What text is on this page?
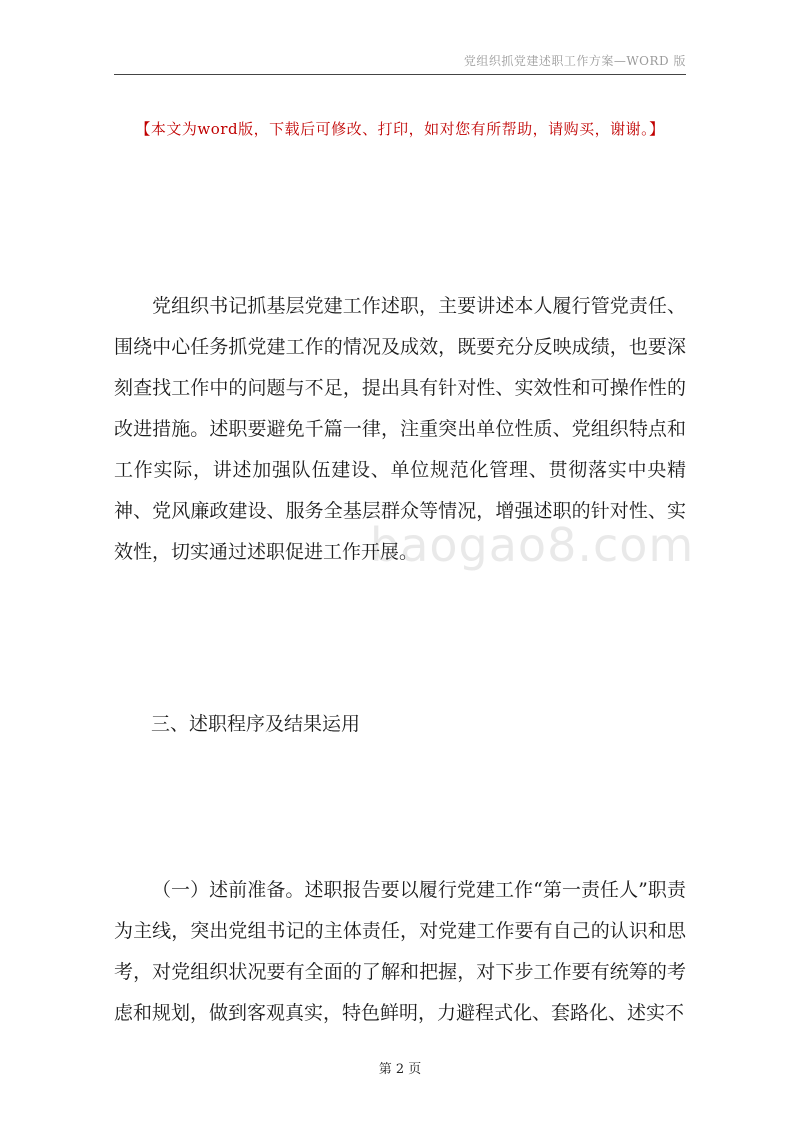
党组织抓党建述职工作方案—WORD 版
【本文为word版，下载后可修改、打印，如对您有所帮助，请购买，谢谢。】
党组织书记抓基层党建工作述职，主要讲述本人履行管党责任、围绕中心任务抓党建工作的情况及成效，既要充分反映成绩，也要深刻查找工作中的问题与不足，提出具有针对性、实效性和可操作性的改进措施。述职要避免千篇一律，注重突出单位性质、党组织特点和工作实际，讲述加强队伍建设、单位规范化管理、贯彻落实中央精神、党风廉政建设、服务全基层群众等情况，增强述职的针对性、实效性，切实通过述职促进工作开展。
baogao8.com
三、述职程序及结果运用
（一）述前准备。述职报告要以履行党建工作“第一责任人”职责为主线，突出党组书记的主体责任，对党建工作要有自己的认识和思考，对党组织状况要有全面的了解和把握，对下步工作要有统筹的考虑和规划，做到客观真实，特色鲜明，力避程式化、套路化、述实不
第 2 页
